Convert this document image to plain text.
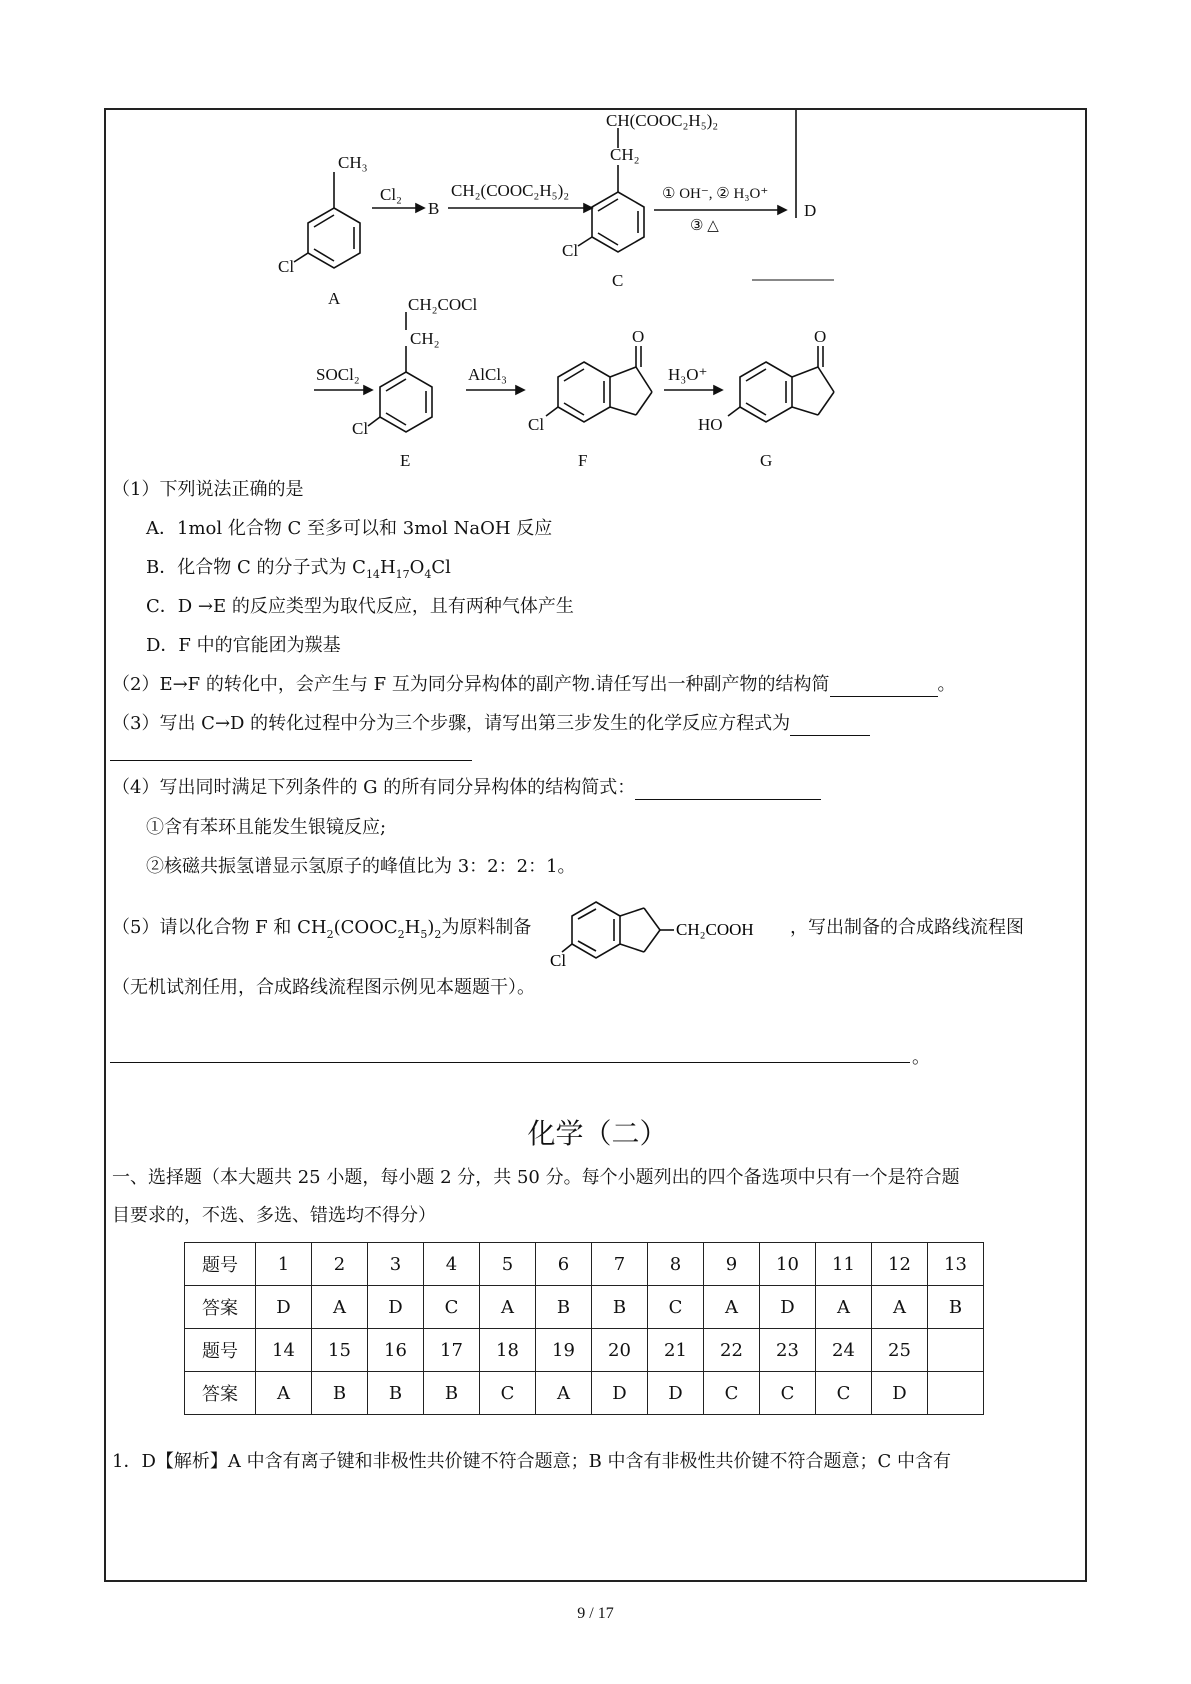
CH₃
Cl
A
Cl₂
B
CH₂(COOC₂H₅)₂
CH(COOC₂H₅)₂
CH₂
Cl
C
① OH⁻, ② H₃O⁺
③ △
D
CH₂COCl
CH₂
SOCl₂
Cl
E
AlCl₃
O
Cl
F
H₃O⁺
O
HO
G
（1）下列说法正确的是
A．1mol 化合物 C 至多可以和 3mol NaOH 反应
B．化合物 C 的分子式为 $C_{14}H_{17}O_4Cl$
C．D →E 的反应类型为取代反应，且有两种气体产生
D．F 中的官能团为羰基
（2）E→F 的转化中，会产生与 F 互为同分异构体的副产物.请任写出一种副产物的结构简	。
（3）写出 C→D 的转化过程中分为三个步骤，请写出第三步发生的化学反应方程式为
（4）写出同时满足下列条件的 G 的所有同分异构体的结构简式：
①含有苯环且能发生银镜反应;
②核磁共振氢谱显示氢原子的峰值比为 3：2：2：1。
（5）请以化合物 F 和 $CH_2(COOC_2H_5)_2$为原料制备	CH₂COOH
Cl
，写出制备的合成路线流程图
（无机试剂任用，合成路线流程图示例见本题题干）。
。
化学（二）
一、选择题（本大题共 25 小题，每小题 2 分，共 50 分。每个小题列出的四个备选项中只有一个是符合题
目要求的，不选、多选、错选均不得分）
题号	1	2	3	4	5	6	7	8	9	10	11	12	13
答案	D	A	D	C	A	B	B	C	A	D	A	A	B
题号	14	15	16	17	18	19	20	21	22	23	24	25	
答案	A	B	B	B	C	A	D	D	C	C	C	D	
1．D【解析】A 中含有离子键和非极性共价键不符合题意；B 中含有非极性共价键不符合题意；C 中含有
9 / 17
